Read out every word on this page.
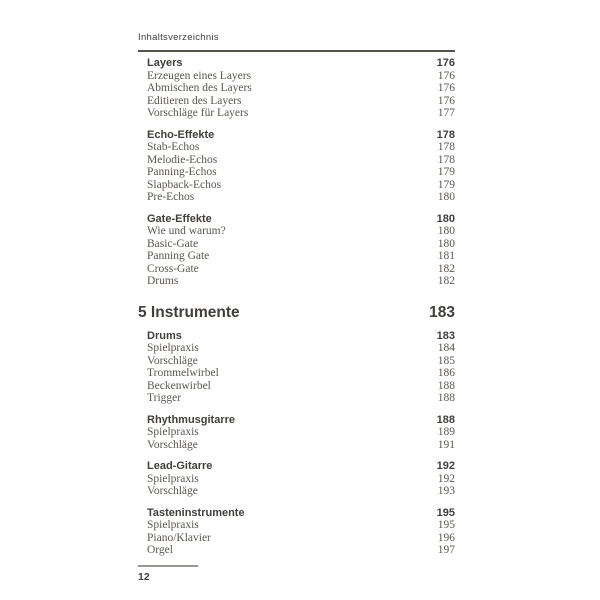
Inhaltsverzeichnis
Layers	176
Erzeugen eines Layers	176
Abmischen des Layers	176
Editieren des Layers	176
Vorschläge für Layers	177
Echo-Effekte	178
Stab-Echos	178
Melodie-Echos	178
Panning-Echos	179
Slapback-Echos	179
Pre-Echos	180
Gate-Effekte	180
Wie und warum?	180
Basic-Gate	180
Panning Gate	181
Cross-Gate	182
Drums	182
5 Instrumente	183
Drums	183
Spielpraxis	184
Vorschläge	185
Trommelwirbel	186
Beckenwirbel	188
Trigger	188
Rhythmusgitarre	188
Spielpraxis	189
Vorschläge	191
Lead-Gitarre	192
Spielpraxis	192
Vorschläge	193
Tasteninstrumente	195
Spielpraxis	195
Piano/Klavier	196
Orgel	197
12
